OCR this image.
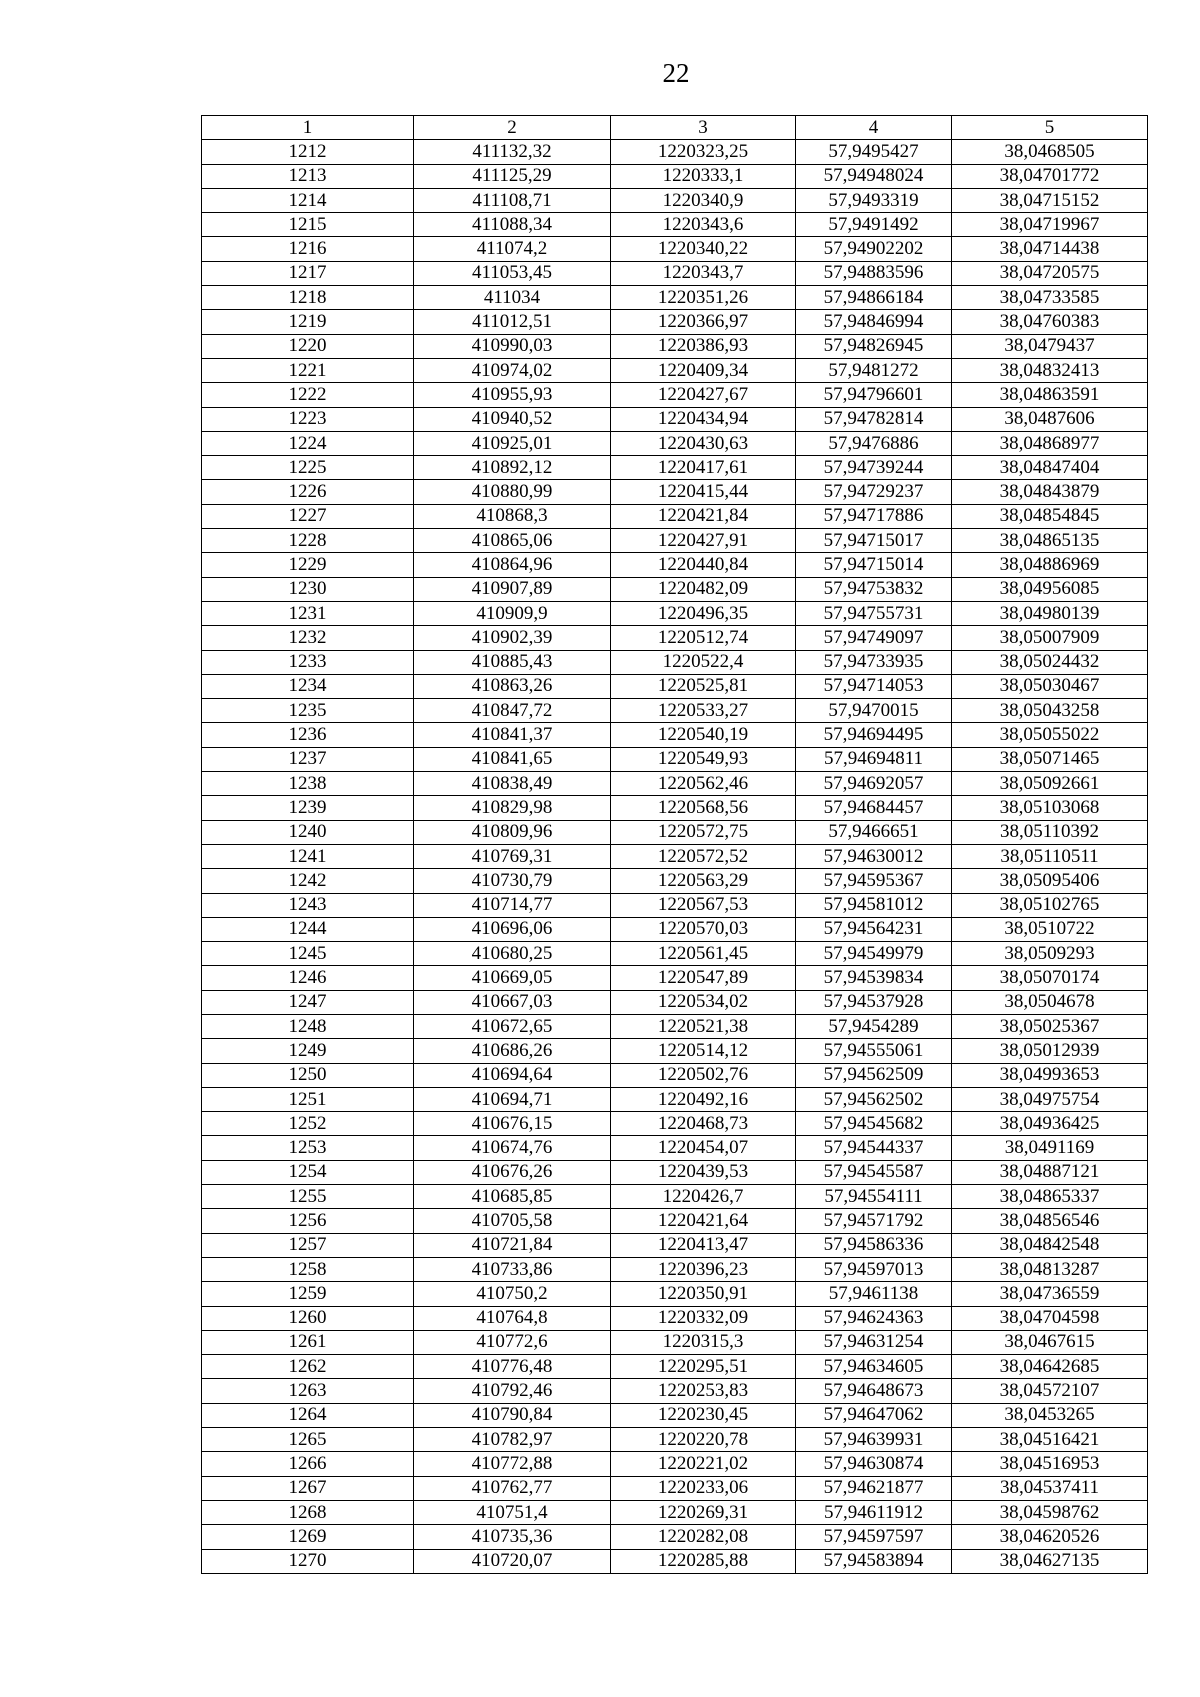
22
1	2	3	4	5
1212	411132,32	1220323,25	57,9495427	38,0468505
1213	411125,29	1220333,1	57,94948024	38,04701772
1214	411108,71	1220340,9	57,9493319	38,04715152
1215	411088,34	1220343,6	57,9491492	38,04719967
1216	411074,2	1220340,22	57,94902202	38,04714438
1217	411053,45	1220343,7	57,94883596	38,04720575
1218	411034	1220351,26	57,94866184	38,04733585
1219	411012,51	1220366,97	57,94846994	38,04760383
1220	410990,03	1220386,93	57,94826945	38,0479437
1221	410974,02	1220409,34	57,9481272	38,04832413
1222	410955,93	1220427,67	57,94796601	38,04863591
1223	410940,52	1220434,94	57,94782814	38,0487606
1224	410925,01	1220430,63	57,9476886	38,04868977
1225	410892,12	1220417,61	57,94739244	38,04847404
1226	410880,99	1220415,44	57,94729237	38,04843879
1227	410868,3	1220421,84	57,94717886	38,04854845
1228	410865,06	1220427,91	57,94715017	38,04865135
1229	410864,96	1220440,84	57,94715014	38,04886969
1230	410907,89	1220482,09	57,94753832	38,04956085
1231	410909,9	1220496,35	57,94755731	38,04980139
1232	410902,39	1220512,74	57,94749097	38,05007909
1233	410885,43	1220522,4	57,94733935	38,05024432
1234	410863,26	1220525,81	57,94714053	38,05030467
1235	410847,72	1220533,27	57,9470015	38,05043258
1236	410841,37	1220540,19	57,94694495	38,05055022
1237	410841,65	1220549,93	57,94694811	38,05071465
1238	410838,49	1220562,46	57,94692057	38,05092661
1239	410829,98	1220568,56	57,94684457	38,05103068
1240	410809,96	1220572,75	57,9466651	38,05110392
1241	410769,31	1220572,52	57,94630012	38,05110511
1242	410730,79	1220563,29	57,94595367	38,05095406
1243	410714,77	1220567,53	57,94581012	38,05102765
1244	410696,06	1220570,03	57,94564231	38,0510722
1245	410680,25	1220561,45	57,94549979	38,0509293
1246	410669,05	1220547,89	57,94539834	38,05070174
1247	410667,03	1220534,02	57,94537928	38,0504678
1248	410672,65	1220521,38	57,9454289	38,05025367
1249	410686,26	1220514,12	57,94555061	38,05012939
1250	410694,64	1220502,76	57,94562509	38,04993653
1251	410694,71	1220492,16	57,94562502	38,04975754
1252	410676,15	1220468,73	57,94545682	38,04936425
1253	410674,76	1220454,07	57,94544337	38,0491169
1254	410676,26	1220439,53	57,94545587	38,04887121
1255	410685,85	1220426,7	57,94554111	38,04865337
1256	410705,58	1220421,64	57,94571792	38,04856546
1257	410721,84	1220413,47	57,94586336	38,04842548
1258	410733,86	1220396,23	57,94597013	38,04813287
1259	410750,2	1220350,91	57,9461138	38,04736559
1260	410764,8	1220332,09	57,94624363	38,04704598
1261	410772,6	1220315,3	57,94631254	38,0467615
1262	410776,48	1220295,51	57,94634605	38,04642685
1263	410792,46	1220253,83	57,94648673	38,04572107
1264	410790,84	1220230,45	57,94647062	38,0453265
1265	410782,97	1220220,78	57,94639931	38,04516421
1266	410772,88	1220221,02	57,94630874	38,04516953
1267	410762,77	1220233,06	57,94621877	38,04537411
1268	410751,4	1220269,31	57,94611912	38,04598762
1269	410735,36	1220282,08	57,94597597	38,04620526
1270	410720,07	1220285,88	57,94583894	38,04627135
